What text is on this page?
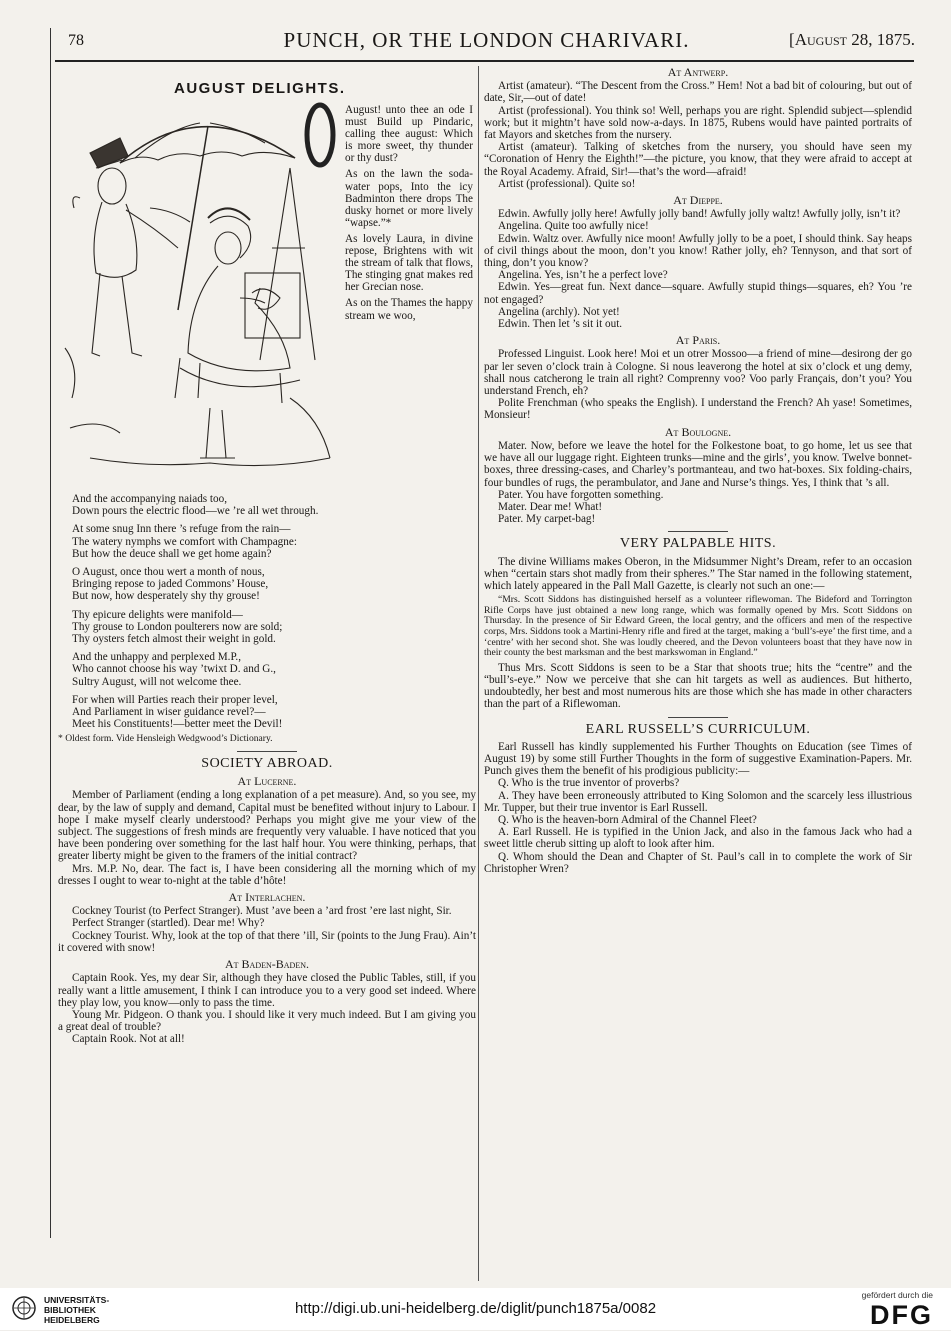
78	PUNCH, OR THE LONDON CHARIVARI.	[August 28, 1875.
AUGUST DELIGHTS.

August! unto thee an ode I must Build up Pindaric, calling thee august: Which is more sweet, thy thunder or thy dust?

As on the lawn the soda-water pops, Into the icy Badminton there drops The dusky hornet or more lively “wapse.”*

As lovely Laura, in divine repose, Brightens with wit the stream of talk that flows, The stinging gnat makes red her Grecian nose.

As on the Thames the happy stream we woo,

And the accompanying naiads too,

Down pours the electric flood—we ’re all wet through.

At some snug Inn there ’s refuge from the rain—

The watery nymphs we comfort with Champagne:

But how the deuce shall we get home again?

O August, once thou wert a month of nous,

Bringing repose to jaded Commons’ House,

But now, how desperately shy thy grouse!

Thy epicure delights were manifold—

Thy grouse to London poulterers now are sold;

Thy oysters fetch almost their weight in gold.

And the unhappy and perplexed M.P.,

Who cannot choose his way ’twixt D. and G.,

Sultry August, will not welcome thee.

For when will Parties reach their proper level,

And Parliament in wiser guidance revel?—

Meet his Constituents!—better meet the Devil!

* Oldest form. Vide Hensleigh Wedgwood’s Dictionary.

SOCIETY ABROAD.
At Lucerne.

Member of Parliament (ending a long explanation of a pet measure). And, so you see, my dear, by the law of supply and demand, Capital must be benefited without injury to Labour. I hope I make myself clearly understood? Perhaps you might give me your view of the subject. The suggestions of fresh minds are frequently very valuable. I have noticed that you have been pondering over something for the last half hour. You were thinking, perhaps, that greater liberty might be given to the framers of the initial contract?

Mrs. M.P. No, dear. The fact is, I have been considering all the morning which of my dresses I ought to wear to-night at the table d’hôte!

At Interlachen.

Cockney Tourist (to Perfect Stranger). Must ’ave been a ’ard frost ’ere last night, Sir.

Perfect Stranger (startled). Dear me! Why?

Cockney Tourist. Why, look at the top of that there ’ill, Sir (points to the Jung Frau). Ain’t it covered with snow!

At Baden-Baden.

Captain Rook. Yes, my dear Sir, although they have closed the Public Tables, still, if you really want a little amusement, I think I can introduce you to a very good set indeed. Where they play low, you know—only to pass the time.

Young Mr. Pidgeon. O thank you. I should like it very much indeed. But I am giving you a great deal of trouble?

Captain Rook. Not at all!

At Antwerp.

Artist (amateur). “The Descent from the Cross.” Hem! Not a bad bit of colouring, but out of date, Sir,—out of date!

Artist (professional). You think so! Well, perhaps you are right. Splendid subject—splendid work; but it mightn’t have sold now-a-days. In 1875, Rubens would have painted portraits of fat Mayors and sketches from the nursery.

Artist (amateur). Talking of sketches from the nursery, you should have seen my “Coronation of Henry the Eighth!”—the picture, you know, that they were afraid to accept at the Royal Academy. Afraid, Sir!—that’s the word—afraid!

Artist (professional). Quite so!

At Dieppe.

Edwin. Awfully jolly here! Awfully jolly band! Awfully jolly waltz! Awfully jolly, isn’t it?

Angelina. Quite too awfully nice!

Edwin. Waltz over. Awfully nice moon! Awfully jolly to be a poet, I should think. Say heaps of civil things about the moon, don’t you know! Rather jolly, eh? Tennyson, and that sort of thing, don’t you know?

Angelina. Yes, isn’t he a perfect love?

Edwin. Yes—great fun. Next dance—square. Awfully stupid things—squares, eh? You ’re not engaged?

Angelina (archly). Not yet!

Edwin. Then let ’s sit it out.

At Paris.

Professed Linguist. Look here! Moi et un otrer Mossoo—a friend of mine—desirong der go par ler seven o’clock train à Cologne. Si nous leaverong the hotel at six o’clock et ung demy, shall nous catcherong le train all right? Comprenny voo? Voo parly Français, don’t you? You understand French, eh?

Polite Frenchman (who speaks the English). I understand the French? Ah yase! Sometimes, Monsieur!

At Boulogne.

Mater. Now, before we leave the hotel for the Folkestone boat, to go home, let us see that we have all our luggage right. Eighteen trunks—mine and the girls’, you know. Twelve bonnet-boxes, three dressing-cases, and Charley’s portmanteau, and two hat-boxes. Six folding-chairs, four bundles of rugs, the perambulator, and Jane and Nurse’s things. Yes, I think that ’s all.

Pater. You have forgotten something.

Mater. Dear me! What!

Pater. My carpet-bag!

VERY PALPABLE HITS.

The divine Williams makes Oberon, in the Midsummer Night’s Dream, refer to an occasion when “certain stars shot madly from their spheres.” The Star named in the following statement, which lately appeared in the Pall Mall Gazette, is clearly not such an one:—

“Mrs. Scott Siddons has distinguished herself as a volunteer riflewoman. The Bideford and Torrington Rifle Corps have just obtained a new long range, which was formally opened by Mrs. Scott Siddons on Thursday. In the presence of Sir Edward Green, the local gentry, and the officers and men of the respective corps, Mrs. Siddons took a Martini-Henry rifle and fired at the target, making a ‘bull’s-eye’ the first time, and a ‘centre’ with her second shot. She was loudly cheered, and the Devon volunteers boast that they have now in their county the best marksman and the best markswoman in England.”

Thus Mrs. Scott Siddons is seen to be a Star that shoots true; hits the “centre” and the “bull’s-eye.” Now we perceive that she can hit targets as well as audiences. But hitherto, undoubtedly, her best and most numerous hits are those which she has made in other characters than the part of a Riflewoman.

EARL RUSSELL’S CURRICULUM.

Earl Russell has kindly supplemented his Further Thoughts on Education (see Times of August 19) by some still Further Thoughts in the form of suggestive Examination-Papers. Mr. Punch gives them the benefit of his prodigious publicity:—

Q. Who is the true inventor of proverbs?

A. They have been erroneously attributed to King Solomon and the scarcely less illustrious Mr. Tupper, but their true inventor is Earl Russell.

Q. Who is the heaven-born Admiral of the Channel Fleet?

A. Earl Russell. He is typified in the Union Jack, and also in the famous Jack who had a sweet little cherub sitting up aloft to look after him.

Q. Whom should the Dean and Chapter of St. Paul’s call in to complete the work of Sir Christopher Wren?

UNIVERSITÄTS- BIBLIOTHEK HEIDELBERG
http://digi.ub.uni-heidelberg.de/diglit/punch1875a/0082
gefördert durch die
DFG
